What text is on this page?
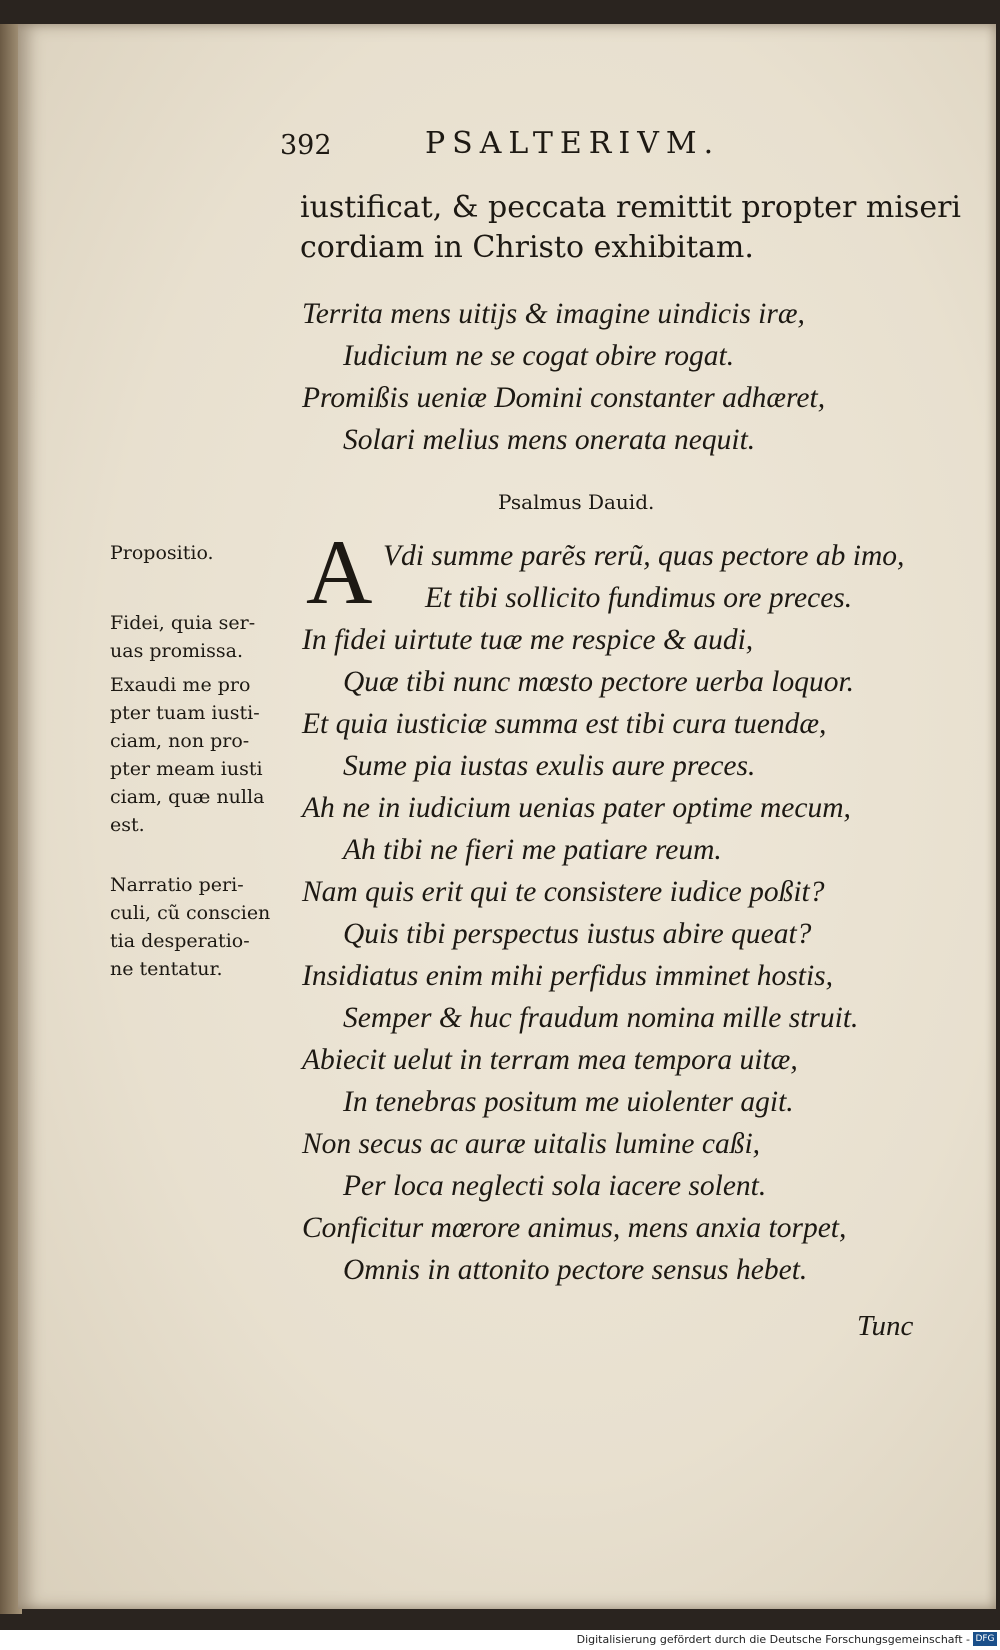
392	PSALTERIVM.
iustificat, & peccata remittit propter miseri
cordiam in Christo exhibitam.
Territa mens uitijs & imagine uindicis iræ,
Iudicium ne se cogat obire rogat.
Promißis ueniæ Domini constanter adhæret,
Solari melius mens onerata nequit.
Psalmus Dauid.
A Vdi summe parẽs rerũ, quas pectore ab imo,
Et tibi sollicito fundimus ore preces.
In fidei uirtute tuæ me respice & audi,
Quæ tibi nunc mœsto pectore uerba loquor.
Et quia iusticiæ summa est tibi cura tuendæ,
Sume pia iustas exulis aure preces.
Ah ne in iudicium uenias pater optime mecum,
Ah tibi ne fieri me patiare reum.
Nam quis erit qui te consistere iudice poßit?
Quis tibi perspectus iustus abire queat?
Insidiatus enim mihi perfidus imminet hostis,
Semper & huc fraudum nomina mille struit.
Abiecit uelut in terram mea tempora uitæ,
In tenebras positum me uiolenter agit.
Non secus ac auræ uitalis lumine caßi,
Per loca neglecti sola iacere solent.
Conficitur mœrore animus, mens anxia torpet,
Omnis in attonito pectore sensus hebet.
Tunc
Propositio.
Fidei, quia ser-
uas promissa.
Exaudi me pro
pter tuam iusti-
ciam, non pro-
pter meam iusti
ciam, quæ nulla
est.
Narratio peri-
culi, cũ conscien
tia desperatio-
ne tentatur.
Digitalisierung gefördert durch die Deutsche Forschungsgemeinschaft - DFG
